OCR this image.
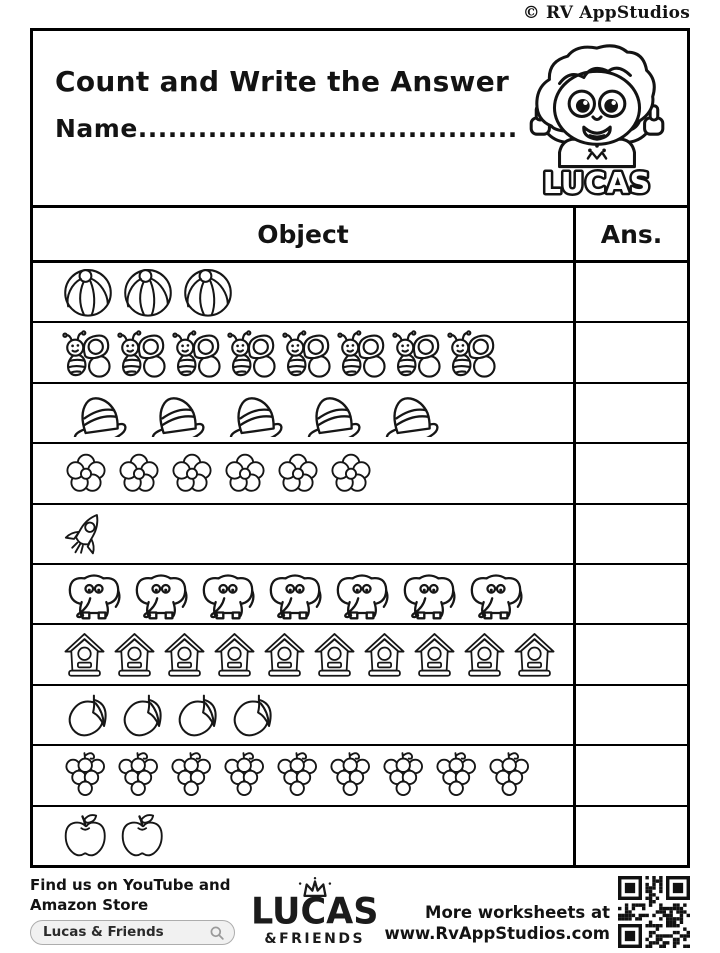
© RV AppStudios
Count and Write the Answer
Name......................................
LUCAS
Object	Ans.
Find us on YouTube and
Amazon Store
Lucas & Friends LUCAS
&FRIENDS
More worksheets at
www.RvAppStudios.com
